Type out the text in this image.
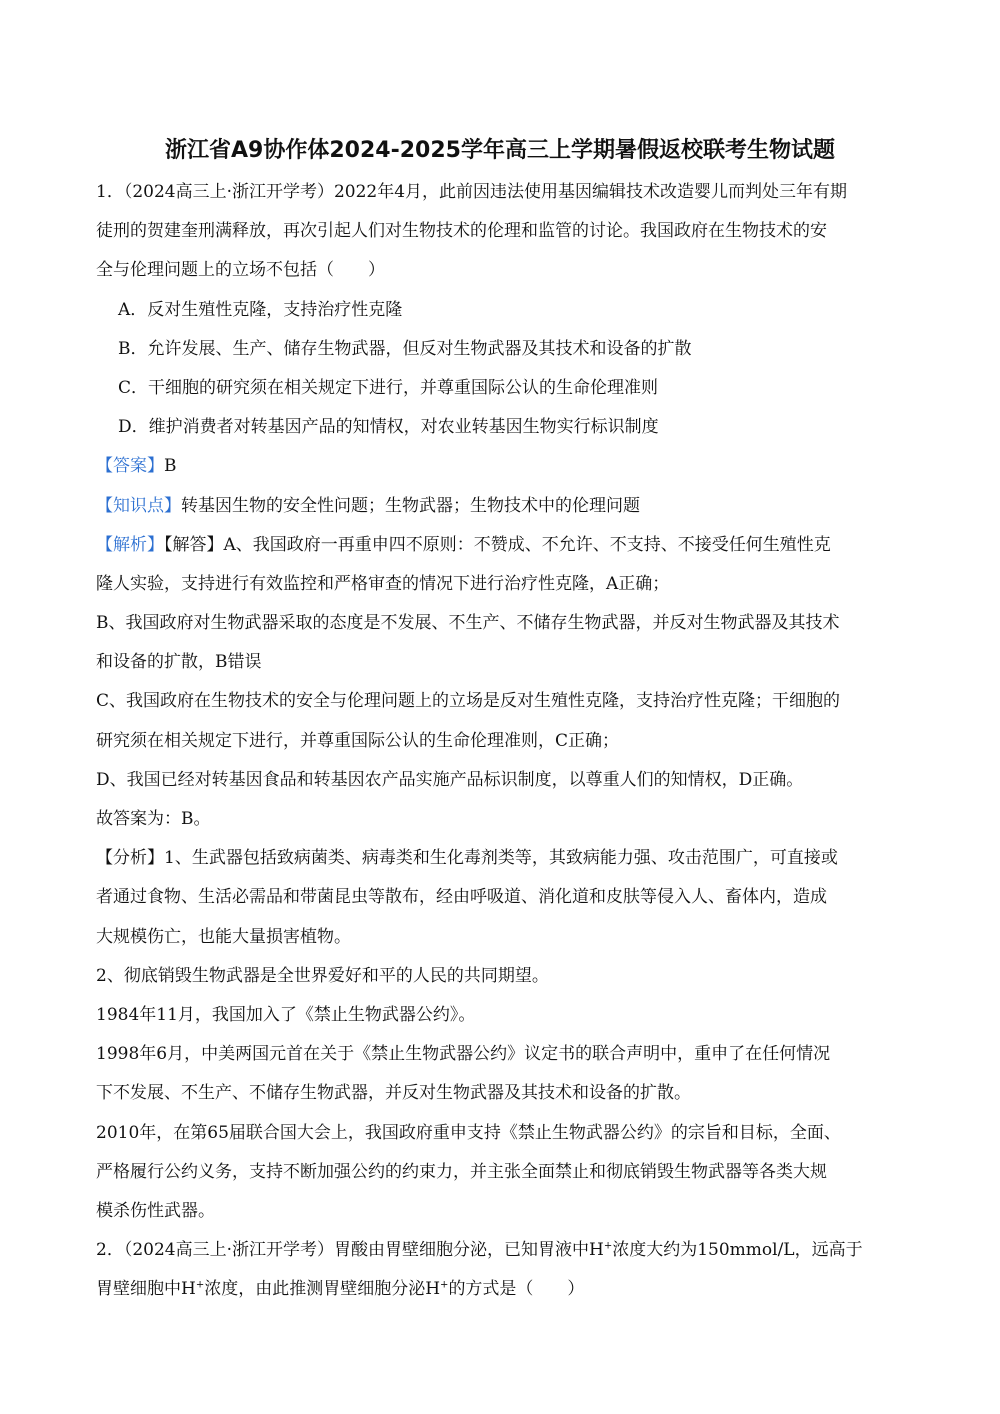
浙江省A9协作体2024-2025学年高三上学期暑假返校联考生物试题
1．（2024高三上·浙江开学考）2022年4月，此前因违法使用基因编辑技术改造婴儿而判处三年有期
徒刑的贺建奎刑满释放，再次引起人们对生物技术的伦理和监管的讨论。我国政府在生物技术的安
全与伦理问题上的立场不包括（　　）
A．反对生殖性克隆，支持治疗性克隆
B．允许发展、生产、储存生物武器，但反对生物武器及其技术和设备的扩散
C．干细胞的研究须在相关规定下进行，并尊重国际公认的生命伦理准则
D．维护消费者对转基因产品的知情权，对农业转基因生物实行标识制度
【答案】B
【知识点】转基因生物的安全性问题；生物武器；生物技术中的伦理问题
【解析】【解答】A、我国政府一再重申四不原则：不赞成、不允许、不支持、不接受任何生殖性克
隆人实验，支持进行有效监控和严格审查的情况下进行治疗性克隆，A正确；
B、我国政府对生物武器采取的态度是不发展、不生产、不储存生物武器，并反对生物武器及其技术
和设备的扩散，B错误
C、我国政府在生物技术的安全与伦理问题上的立场是反对生殖性克隆，支持治疗性克隆；干细胞的
研究须在相关规定下进行，并尊重国际公认的生命伦理准则，C正确；
D、我国已经对转基因食品和转基因农产品实施产品标识制度，以尊重人们的知情权，D正确。
故答案为：B。
【分析】1、生武器包括致病菌类、病毒类和生化毒剂类等，其致病能力强、攻击范围广，可直接或
者通过食物、生活必需品和带菌昆虫等散布，经由呼吸道、消化道和皮肤等侵入人、畜体内，造成
大规模伤亡，也能大量损害植物。
2、彻底销毁生物武器是全世界爱好和平的人民的共同期望。
1984年11月，我国加入了《禁止生物武器公约》。
1998年6月，中美两国元首在关于《禁止生物武器公约》议定书的联合声明中，重申了在任何情况
下不发展、不生产、不储存生物武器，并反对生物武器及其技术和设备的扩散。
2010年，在第65届联合国大会上，我国政府重申支持《禁止生物武器公约》的宗旨和目标，全面、
严格履行公约义务，支持不断加强公约的约束力，并主张全面禁止和彻底销毁生物武器等各类大规
模杀伤性武器。
2．（2024高三上·浙江开学考）胃酸由胃壁细胞分泌，已知胃液中H+浓度大约为150mmol/L，远高于
胃壁细胞中H+浓度，由此推测胃壁细胞分泌H+的方式是（　　）
